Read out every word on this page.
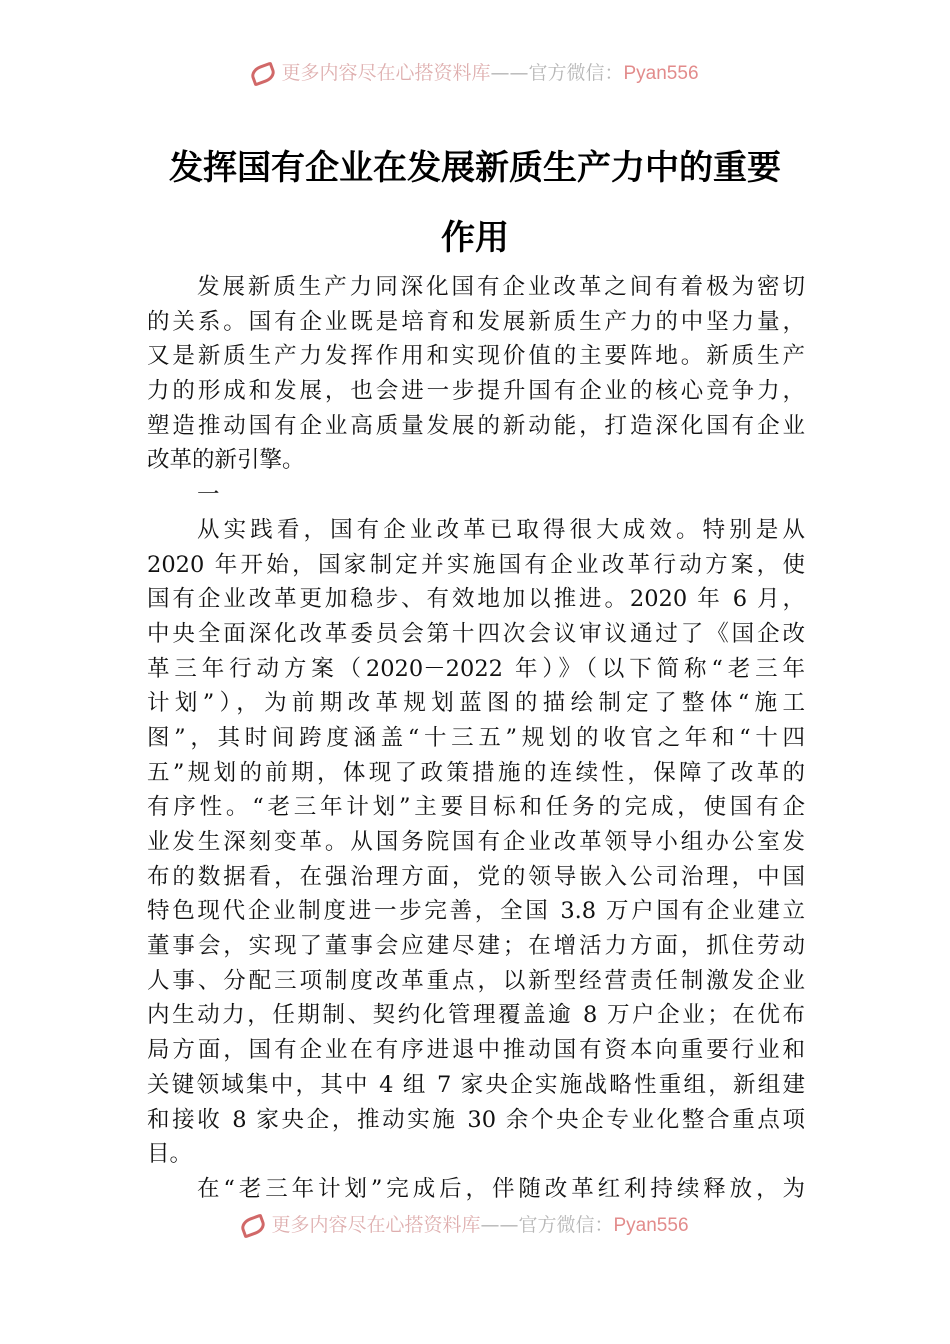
更多内容尽在心搭资料库——官方微信：Pyan556
发挥国有企业在发展新质生产力中的重要
作用
发展新质生产力同深化国有企业改革之间有着极为密切
的关系。国有企业既是培育和发展新质生产力的中坚力量，
又是新质生产力发挥作用和实现价值的主要阵地。新质生产
力的形成和发展，也会进一步提升国有企业的核心竞争力，
塑造推动国有企业高质量发展的新动能，打造深化国有企业
改革的新引擎。
一
从实践看，国有企业改革已取得很大成效。特别是从
2020 年开始，国家制定并实施国有企业改革行动方案，使
国有企业改革更加稳步、有效地加以推进。2020 年 6 月，
中央全面深化改革委员会第十四次会议审议通过了《国企改
革三年行动方案（2020－2022 年）》（以下简称“老三年
计划”），为前期改革规划蓝图的描绘制定了整体“施工
图”，其时间跨度涵盖“十三五”规划的收官之年和“十四
五”规划的前期，体现了政策措施的连续性，保障了改革的
有序性。“老三年计划”主要目标和任务的完成，使国有企
业发生深刻变革。从国务院国有企业改革领导小组办公室发
布的数据看，在强治理方面，党的领导嵌入公司治理，中国
特色现代企业制度进一步完善，全国 3.8 万户国有企业建立
董事会，实现了董事会应建尽建；在增活力方面，抓住劳动
人事、分配三项制度改革重点，以新型经营责任制激发企业
内生动力，任期制、契约化管理覆盖逾 8 万户企业；在优布
局方面，国有企业在有序进退中推动国有资本向重要行业和
关键领域集中，其中 4 组 7 家央企实施战略性重组，新组建
和接收 8 家央企，推动实施 30 余个央企专业化整合重点项
目。
在“老三年计划”完成后，伴随改革红利持续释放，为
更多内容尽在心搭资料库——官方微信：Pyan556
